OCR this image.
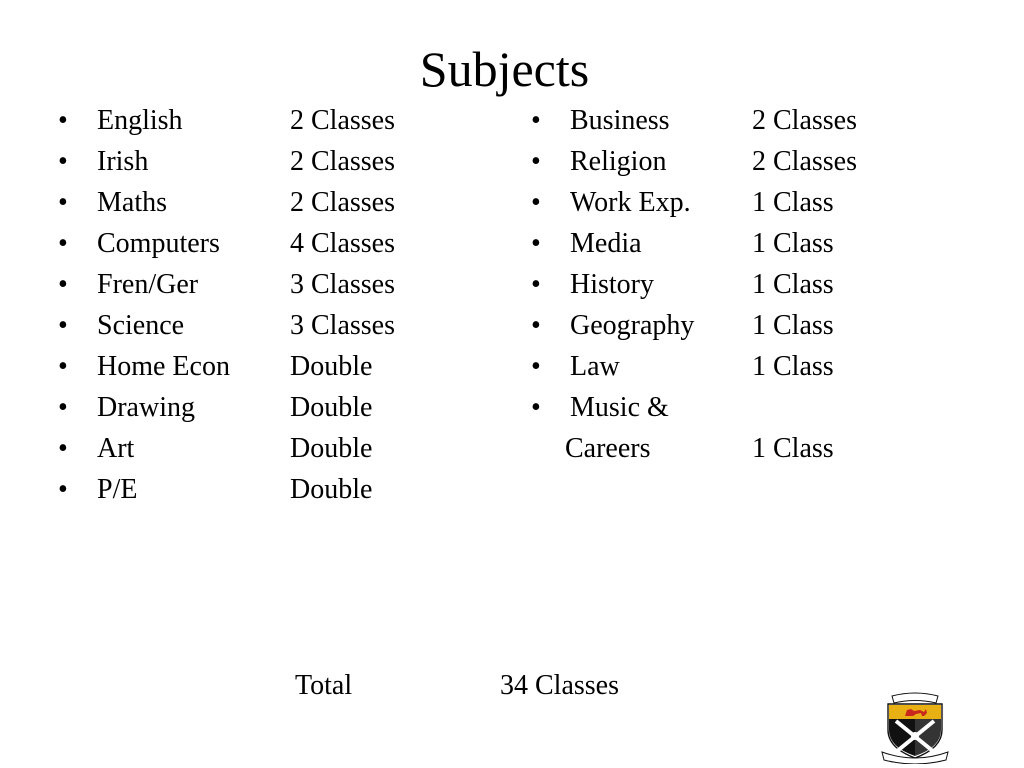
Subjects
• English	2 Classes
• Irish	2 Classes
• Maths	2 Classes
• Computers	4 Classes
• Fren/Ger	3 Classes
• Science	3 Classes
• Home Econ Double
• Drawing	Double
• Art	Double
• P/E	Double
• Business	2 Classes
• Religion	2 Classes
• Work Exp. 1 Class
• Media	1 Class
• History	1 Class
• Geography 1 Class
• Law	1 Class
• Music &
Careers	1 Class
Total	34 Classes
